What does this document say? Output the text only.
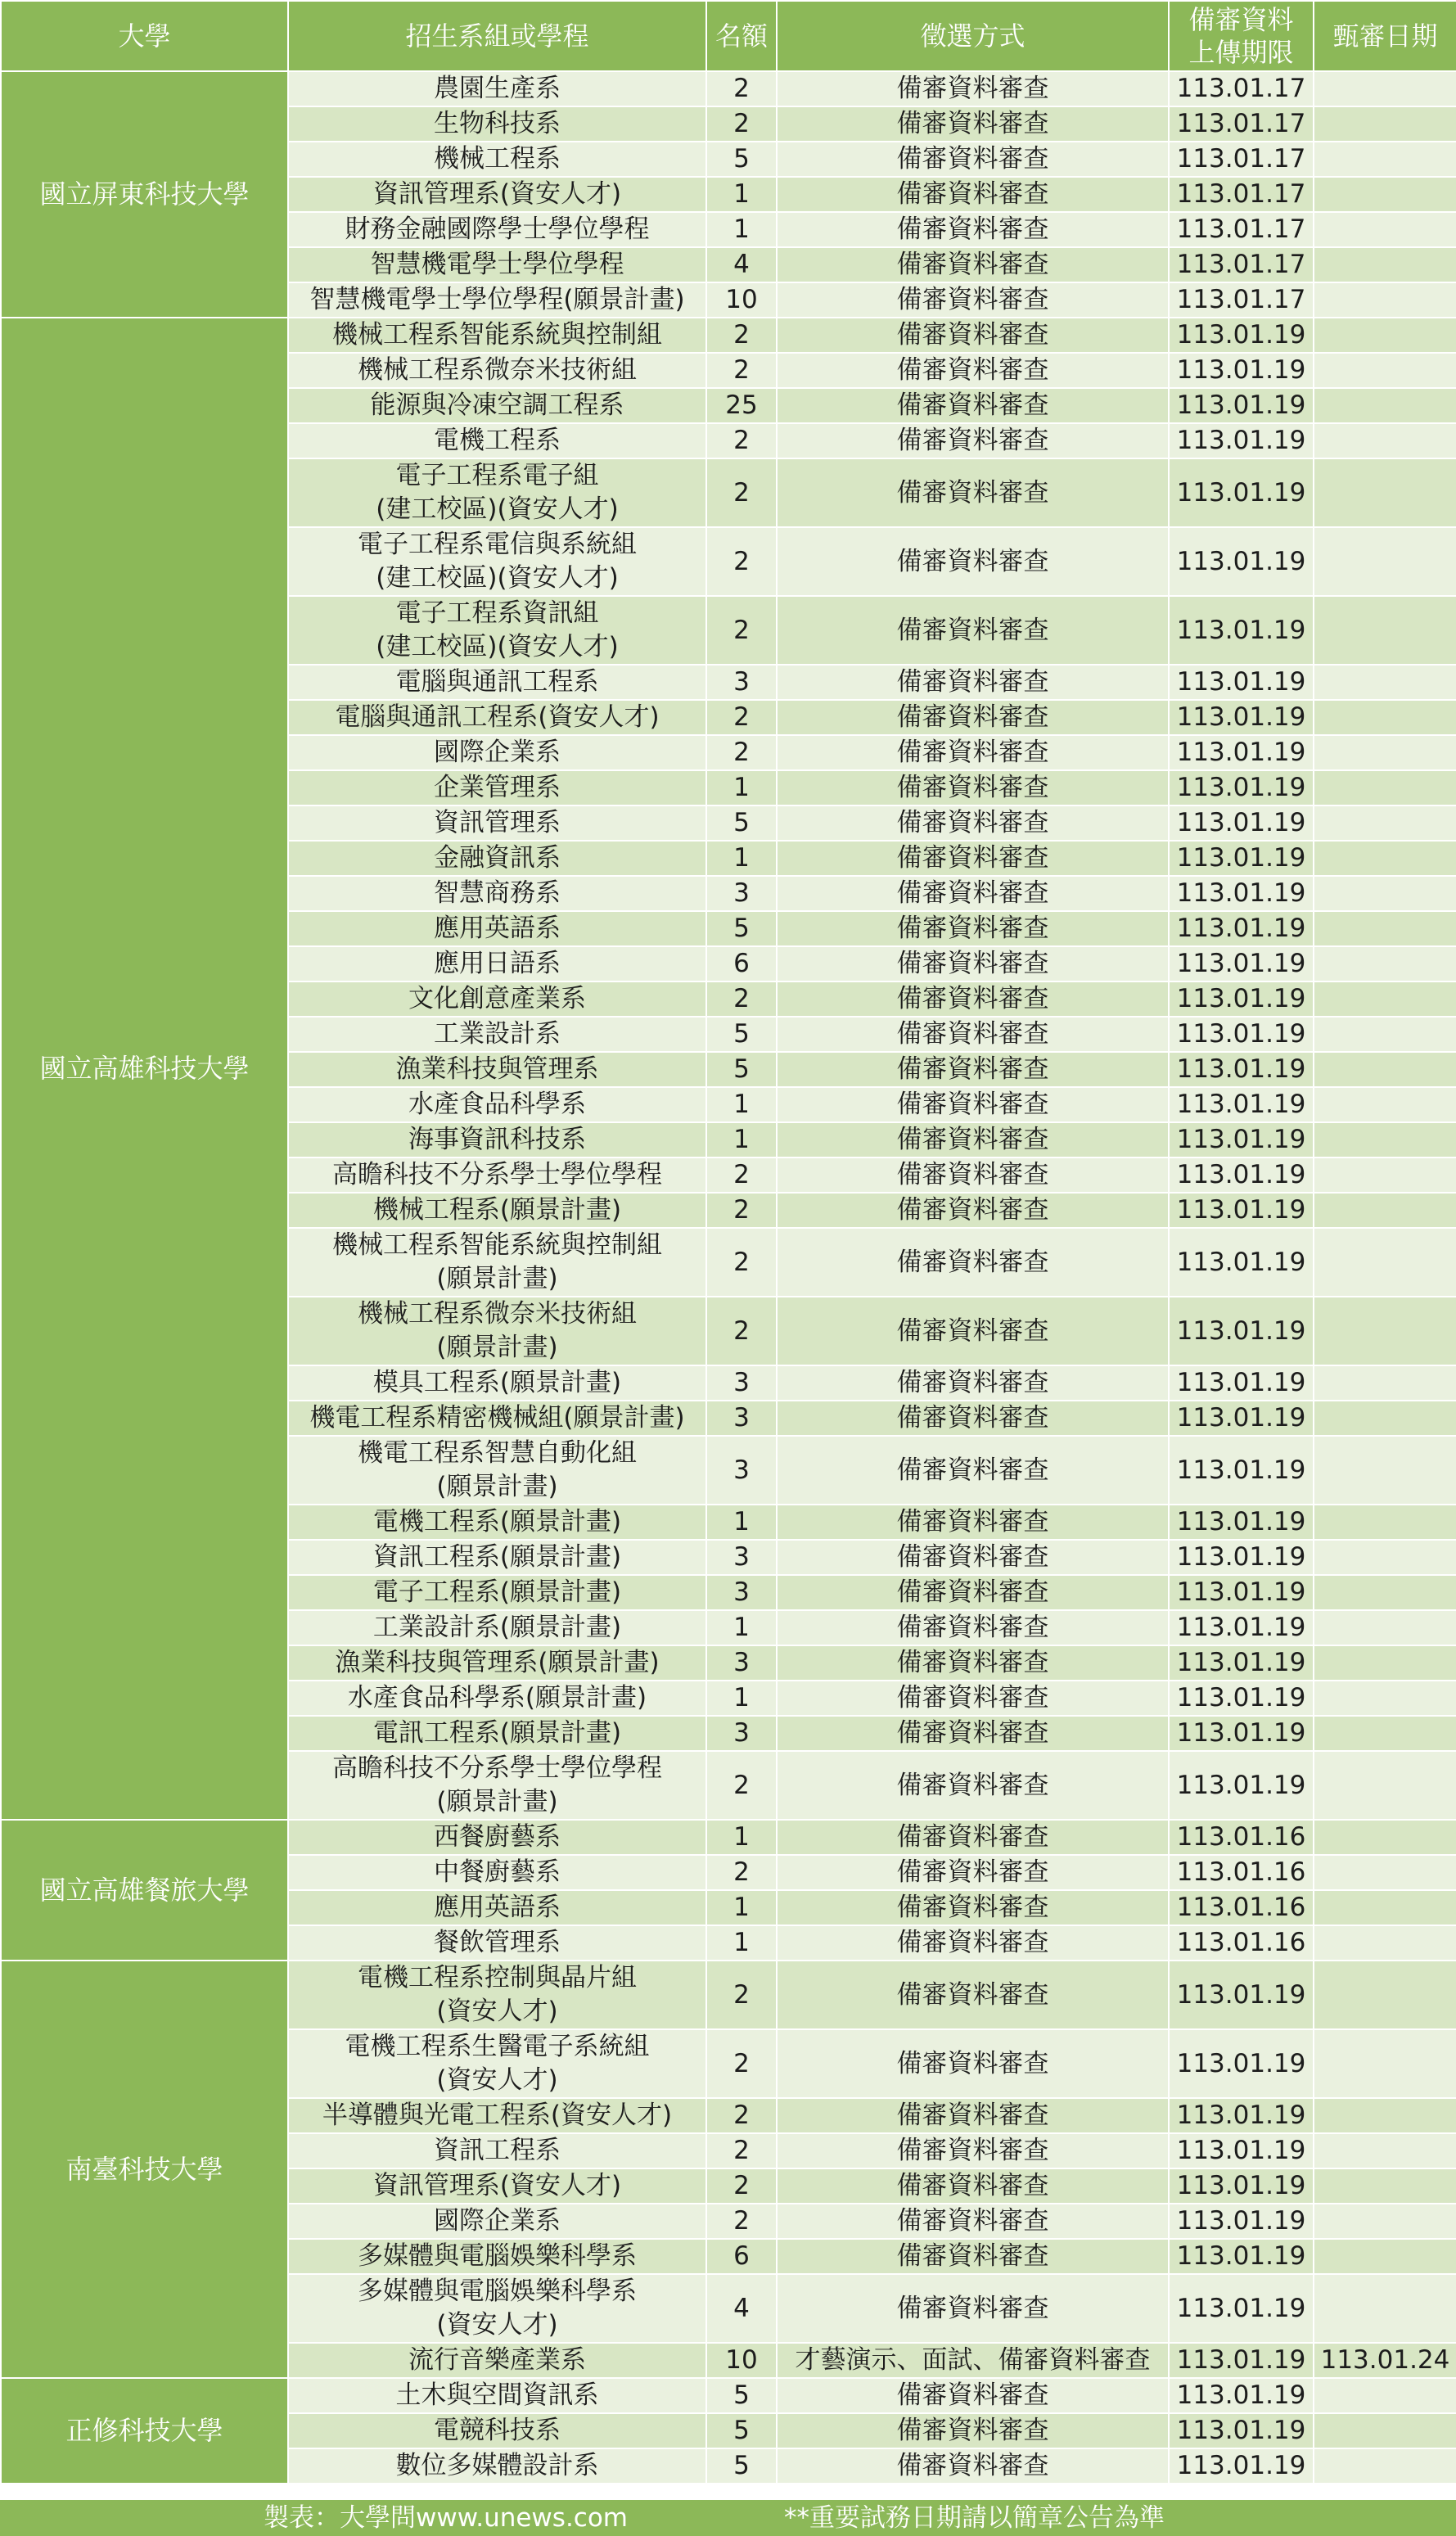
大學	招生系組或學程	名額	徵選方式	備審資料
上傳期限	甄審日期
國立屏東科技大學	農園生產系	2	備審資料審查	113.01.17	
	生物科技系	2	備審資料審查	113.01.17	
	機械工程系	5	備審資料審查	113.01.17	
	資訊管理系(資安人才)	1	備審資料審查	113.01.17	
	財務金融國際學士學位學程	1	備審資料審查	113.01.17	
	智慧機電學士學位學程	4	備審資料審查	113.01.17	
	智慧機電學士學位學程(願景計畫)	10	備審資料審查	113.01.17	
國立高雄科技大學	機械工程系智能系統與控制組	2	備審資料審查	113.01.19	
	機械工程系微奈米技術組	2	備審資料審查	113.01.19	
	能源與冷凍空調工程系	25	備審資料審查	113.01.19	
	電機工程系	2	備審資料審查	113.01.19	
	電子工程系電子組
(建工校區)(資安人才)	2	備審資料審查	113.01.19	
	電子工程系電信與系統組
(建工校區)(資安人才)	2	備審資料審查	113.01.19	
	電子工程系資訊組
(建工校區)(資安人才)	2	備審資料審查	113.01.19	
	電腦與通訊工程系	3	備審資料審查	113.01.19	
	電腦與通訊工程系(資安人才)	2	備審資料審查	113.01.19	
	國際企業系	2	備審資料審查	113.01.19	
	企業管理系	1	備審資料審查	113.01.19	
	資訊管理系	5	備審資料審查	113.01.19	
	金融資訊系	1	備審資料審查	113.01.19	
	智慧商務系	3	備審資料審查	113.01.19	
	應用英語系	5	備審資料審查	113.01.19	
	應用日語系	6	備審資料審查	113.01.19	
	文化創意產業系	2	備審資料審查	113.01.19	
	工業設計系	5	備審資料審查	113.01.19	
	漁業科技與管理系	5	備審資料審查	113.01.19	
	水產食品科學系	1	備審資料審查	113.01.19	
	海事資訊科技系	1	備審資料審查	113.01.19	
	高瞻科技不分系學士學位學程	2	備審資料審查	113.01.19	
	機械工程系(願景計畫)	2	備審資料審查	113.01.19	
	機械工程系智能系統與控制組
(願景計畫)	2	備審資料審查	113.01.19	
	機械工程系微奈米技術組
(願景計畫)	2	備審資料審查	113.01.19	
	模具工程系(願景計畫)	3	備審資料審查	113.01.19	
	機電工程系精密機械組(願景計畫)	3	備審資料審查	113.01.19	
	機電工程系智慧自動化組
(願景計畫)	3	備審資料審查	113.01.19	
	電機工程系(願景計畫)	1	備審資料審查	113.01.19	
	資訊工程系(願景計畫)	3	備審資料審查	113.01.19	
	電子工程系(願景計畫)	3	備審資料審查	113.01.19	
	工業設計系(願景計畫)	1	備審資料審查	113.01.19	
	漁業科技與管理系(願景計畫)	3	備審資料審查	113.01.19	
	水產食品科學系(願景計畫)	1	備審資料審查	113.01.19	
	電訊工程系(願景計畫)	3	備審資料審查	113.01.19	
	高瞻科技不分系學士學位學程
(願景計畫)	2	備審資料審查	113.01.19	
國立高雄餐旅大學	西餐廚藝系	1	備審資料審查	113.01.16	
	中餐廚藝系	2	備審資料審查	113.01.16	
	應用英語系	1	備審資料審查	113.01.16	
	餐飲管理系	1	備審資料審查	113.01.16	
南臺科技大學	電機工程系控制與晶片組
(資安人才)	2	備審資料審查	113.01.19	
	電機工程系生醫電子系統組
(資安人才)	2	備審資料審查	113.01.19	
	半導體與光電工程系(資安人才)	2	備審資料審查	113.01.19	
	資訊工程系	2	備審資料審查	113.01.19	
	資訊管理系(資安人才)	2	備審資料審查	113.01.19	
	國際企業系	2	備審資料審查	113.01.19	
	多媒體與電腦娛樂科學系	6	備審資料審查	113.01.19	
	多媒體與電腦娛樂科學系
(資安人才)	4	備審資料審查	113.01.19	
	流行音樂產業系	10	才藝演示、面試、備審資料審查	113.01.19	113.01.24
正修科技大學	土木與空間資訊系	5	備審資料審查	113.01.19	
	電競科技系	5	備審資料審查	113.01.19	
	數位多媒體設計系	5	備審資料審查	113.01.19	
製表：大學問www.unews.com	**重要試務日期請以簡章公告為準
